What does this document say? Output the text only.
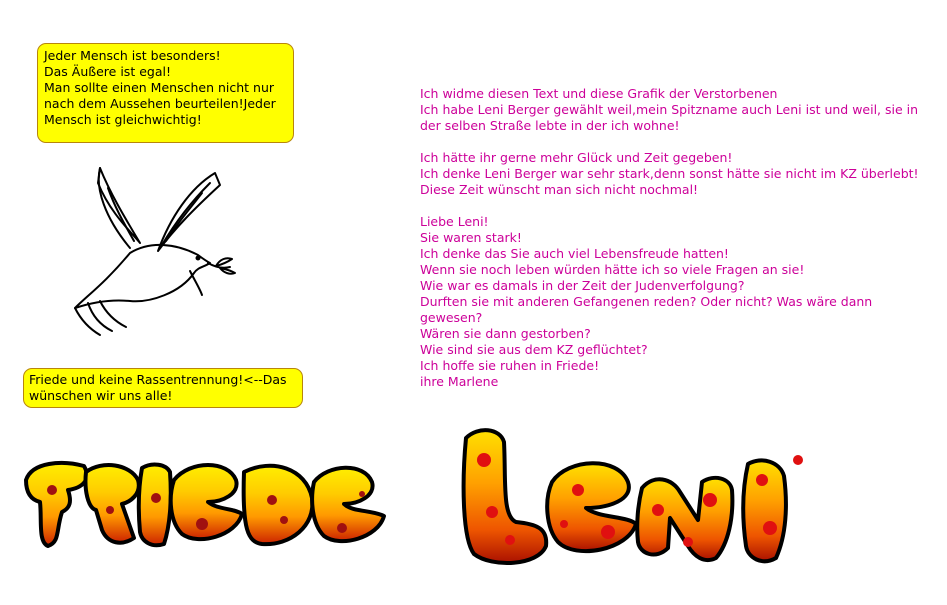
Jeder Mensch ist besonders!

Das Äußere ist egal!

Man sollte einen Menschen nicht nur

nach dem Aussehen beurteilen!Jeder

Mensch ist gleichwichtig!

Friede und keine Rassentrennung!<--Das

wünschen wir uns alle!

Ich widme diesen Text und diese Grafik der Verstorbenen

Ich habe Leni Berger gewählt weil,mein Spitzname auch Leni ist und weil, sie in

der selben Straße lebte in der ich wohne!

Ich hätte ihr gerne mehr Glück und Zeit gegeben!

Ich denke Leni Berger war sehr stark,denn sonst hätte sie nicht im KZ überlebt!

Diese Zeit wünscht man sich nicht nochmal!

Liebe Leni!

Sie waren stark!

Ich denke das Sie auch viel Lebensfreude hatten!

Wenn sie noch leben würden hätte ich so viele Fragen an sie!

Wie war es damals in der Zeit der Judenverfolgung?

Durften sie mit anderen Gefangenen reden? Oder nicht? Was wäre dann

gewesen?

Wären sie dann gestorben?

Wie sind sie aus dem KZ geflüchtet?

Ich hoffe sie ruhen in Friede!

ihre Marlene
